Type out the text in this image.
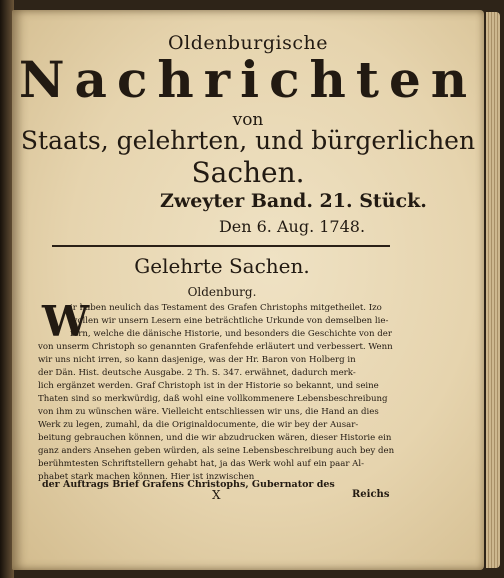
Oldenburgische
Nachrichten
von
Staats, gelehrten, und bürgerlichen
Sachen.
Zweyter Band. 21. Stück.
Den 6. Aug. 1748.
Gelehrte Sachen.
Oldenburg.
W
ir haben neulich das Testament des Grafen Christophs mitgetheilet. Izo
wollen wir unsern Lesern eine beträchtliche Urkunde von demselben lie-
fern, welche die dänische Historie, und besonders die Geschichte von der
von unserm Christoph so genannten Grafenfehde erläutert und verbessert. Wenn
wir uns nicht irren, so kann dasjenige, was der Hr. Baron von Holberg in
der Dän. Hist. deutsche Ausgabe. 2 Th. S. 347. erwähnet, dadurch merk-
lich ergänzet werden. Graf Christoph ist in der Historie so bekannt, und seine
Thaten sind so merkwürdig, daß wohl eine vollkommenere Lebensbeschreibung
von ihm zu wünschen wäre. Vielleicht entschliessen wir uns, die Hand an dies
Werk zu legen, zumahl, da die Originaldocumente, die wir bey der Ausar-
beitung gebrauchen können, und die wir abzudrucken wären, dieser Historie ein
ganz anders Ansehen geben würden, als seine Lebensbeschreibung auch bey den
berühmtesten Schriftstellern gehabt hat, ja das Werk wohl auf ein paar Al-
phabet stark machen können. Hier ist inzwischen
der Auftrags Brief Grafens Christophs, Gubernator des
X	Reichs
